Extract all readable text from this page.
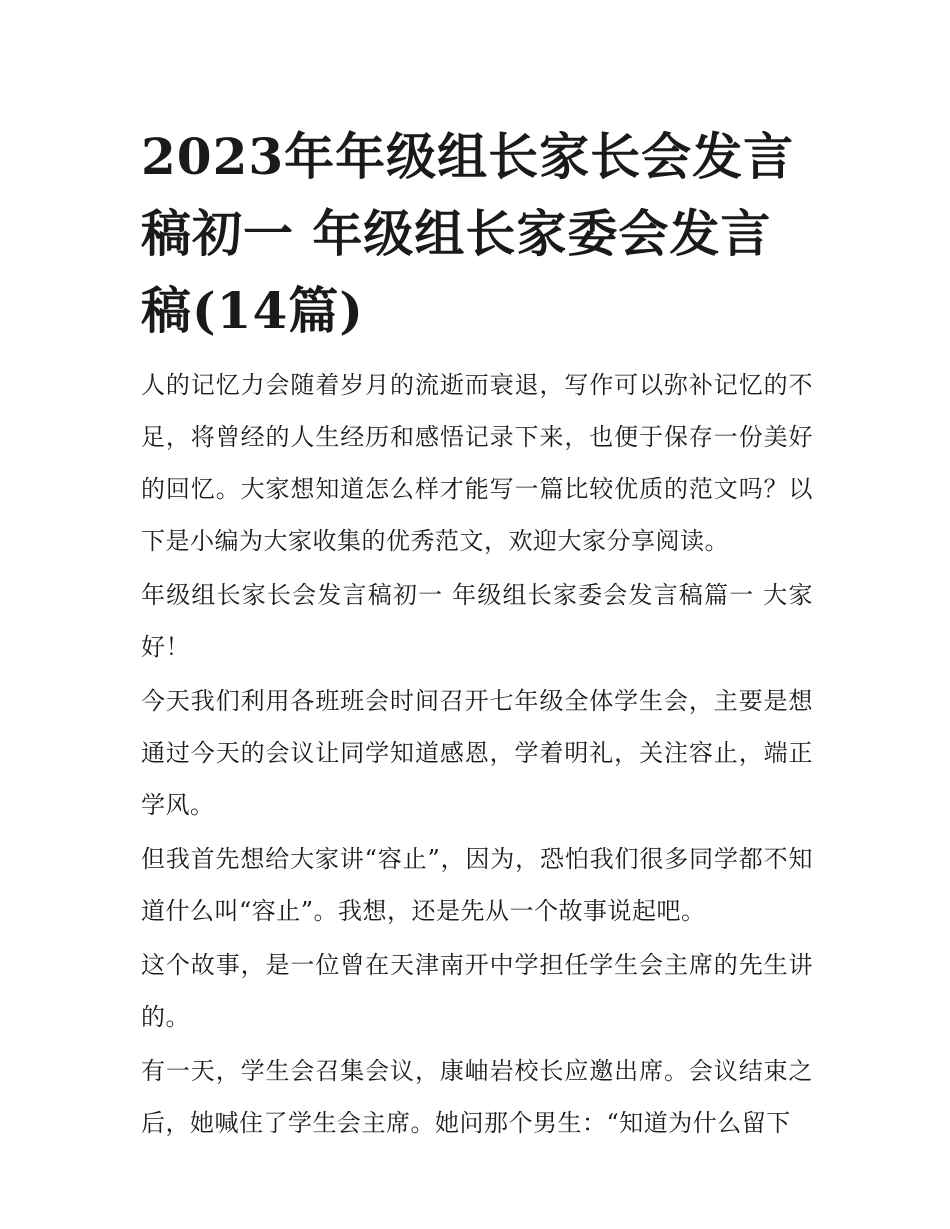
2023年年级组长家长会发言稿初一 年级组长家委会发言稿(14篇)

人的记忆力会随着岁月的流逝而衰退，写作可以弥补记忆的不足，将曾经的人生经历和感悟记录下来，也便于保存一份美好的回忆。大家想知道怎么样才能写一篇比较优质的范文吗？以下是小编为大家收集的优秀范文，欢迎大家分享阅读。

年级组长家长会发言稿初一 年级组长家委会发言稿篇一 大家好！

今天我们利用各班班会时间召开七年级全体学生会，主要是想通过今天的会议让同学知道感恩，学着明礼，关注容止，端正学风。

但我首先想给大家讲“容止”，因为，恐怕我们很多同学都不知道什么叫“容止”。我想，还是先从一个故事说起吧。

这个故事，是一位曾在天津南开中学担任学生会主席的先生讲的。

有一天，学生会召集会议，康岫岩校长应邀出席。会议结束之后，她喊住了学生会主席。她问那个男生：“知道为什么留下
